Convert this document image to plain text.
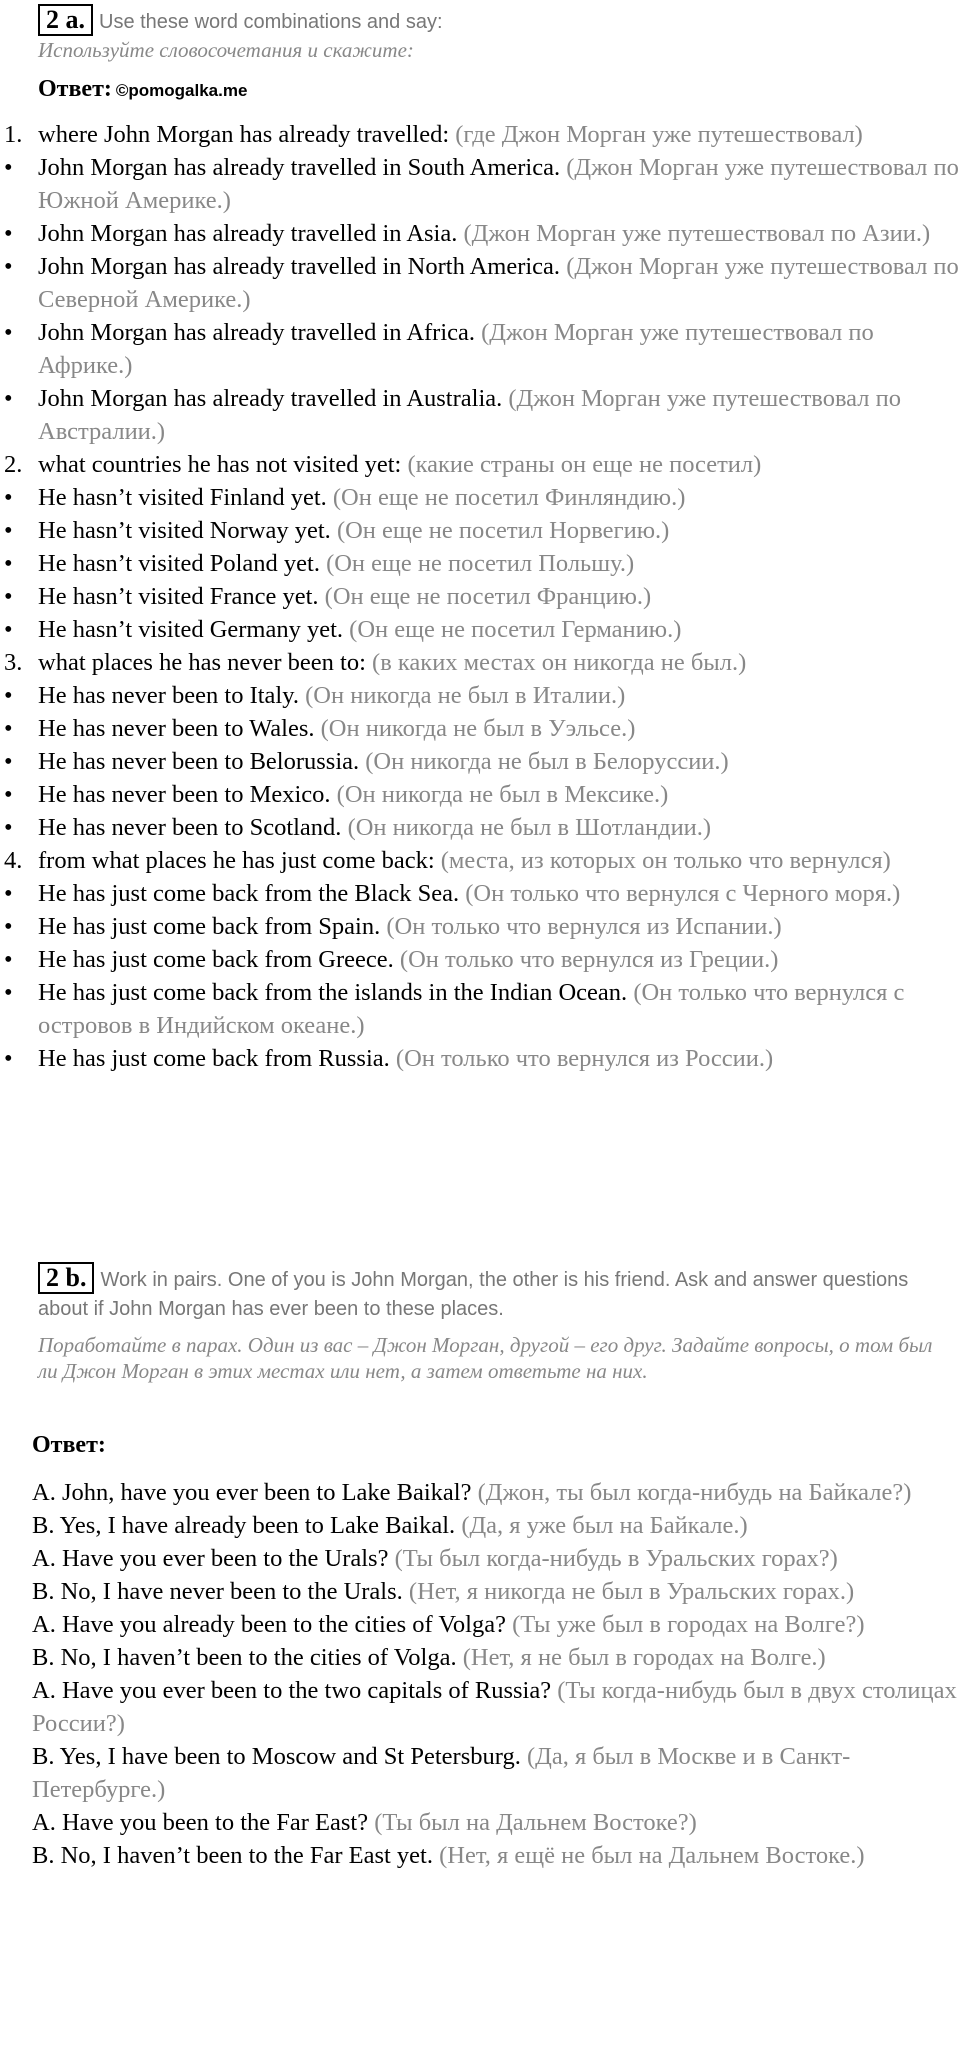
2 a. Use these word combinations and say:
Используйте словосочетания и скажите:
Ответ: ©pomogalka.me
1. where John Morgan has already travelled: (где Джон Морган уже путешествовал)
•	John Morgan has already travelled in South America. (Джон Морган уже путешествовал по Южной Америке.)
•	John Morgan has already travelled in Asia. (Джон Морган уже путешествовал по Азии.)
•	John Morgan has already travelled in North America. (Джон Морган уже путешествовал по Северной Америке.)
•	John Morgan has already travelled in Africa. (Джон Морган уже путешествовал по Африке.)
•	John Morgan has already travelled in Australia. (Джон Морган уже путешествовал по Австралии.)
2. what countries he has not visited yet: (какие страны он еще не посетил)
•	He hasn’t visited Finland yet. (Он еще не посетил Финляндию.)
•	He hasn’t visited Norway yet. (Он еще не посетил Норвегию.)
•	He hasn’t visited Poland yet. (Он еще не посетил Польшу.)
•	He hasn’t visited France yet. (Он еще не посетил Францию.)
•	He hasn’t visited Germany yet. (Он еще не посетил Германию.)
3. what places he has never been to: (в каких местах он никогда не был.)
•	He has never been to Italy. (Он никогда не был в Италии.)
•	He has never been to Wales. (Он никогда не был в Уэльсе.)
•	He has never been to Belorussia. (Он никогда не был в Белоруссии.)
•	He has never been to Mexico. (Он никогда не был в Мексике.)
•	He has never been to Scotland. (Он никогда не был в Шотландии.)
4. from what places he has just come back: (места, из которых он только что вернулся)
•	He has just come back from the Black Sea. (Он только что вернулся с Черного моря.)
•	He has just come back from Spain. (Он только что вернулся из Испании.)
•	He has just come back from Greece. (Он только что вернулся из Греции.)
•	He has just come back from the islands in the Indian Ocean. (Он только что вернулся с островов в Индийском океане.)
•	He has just come back from Russia. (Он только что вернулся из России.)
2 b. Work in pairs. One of you is John Morgan, the other is his friend. Ask and answer questions about if John Morgan has ever been to these places.
Поработайте в парах. Один из вас – Джон Морган, другой – его друг. Задайте вопросы, о том был ли Джон Морган в этих местах или нет, а затем ответьте на них.
Ответ:
A. John, have you ever been to Lake Baikal? (Джон, ты был когда-нибудь на Байкале?)
B. Yes, I have already been to Lake Baikal. (Да, я уже был на Байкале.)
A. Have you ever been to the Urals? (Ты был когда-нибудь в Уральских горах?)
B. No, I have never been to the Urals. (Нет, я никогда не был в Уральских горах.)
A. Have you already been to the cities of Volga? (Ты уже был в городах на Волге?)
B. No, I haven’t been to the cities of Volga. (Нет, я не был в городах на Волге.)
A. Have you ever been to the two capitals of Russia? (Ты когда-нибудь был в двух столицах России?)
B. Yes, I have been to Moscow and St Petersburg. (Да, я был в Москве и в Санкт-Петербурге.)
A. Have you been to the Far East? (Ты был на Дальнем Востоке?)
B. No, I haven’t been to the Far East yet. (Нет, я ещё не был на Дальнем Востоке.)
